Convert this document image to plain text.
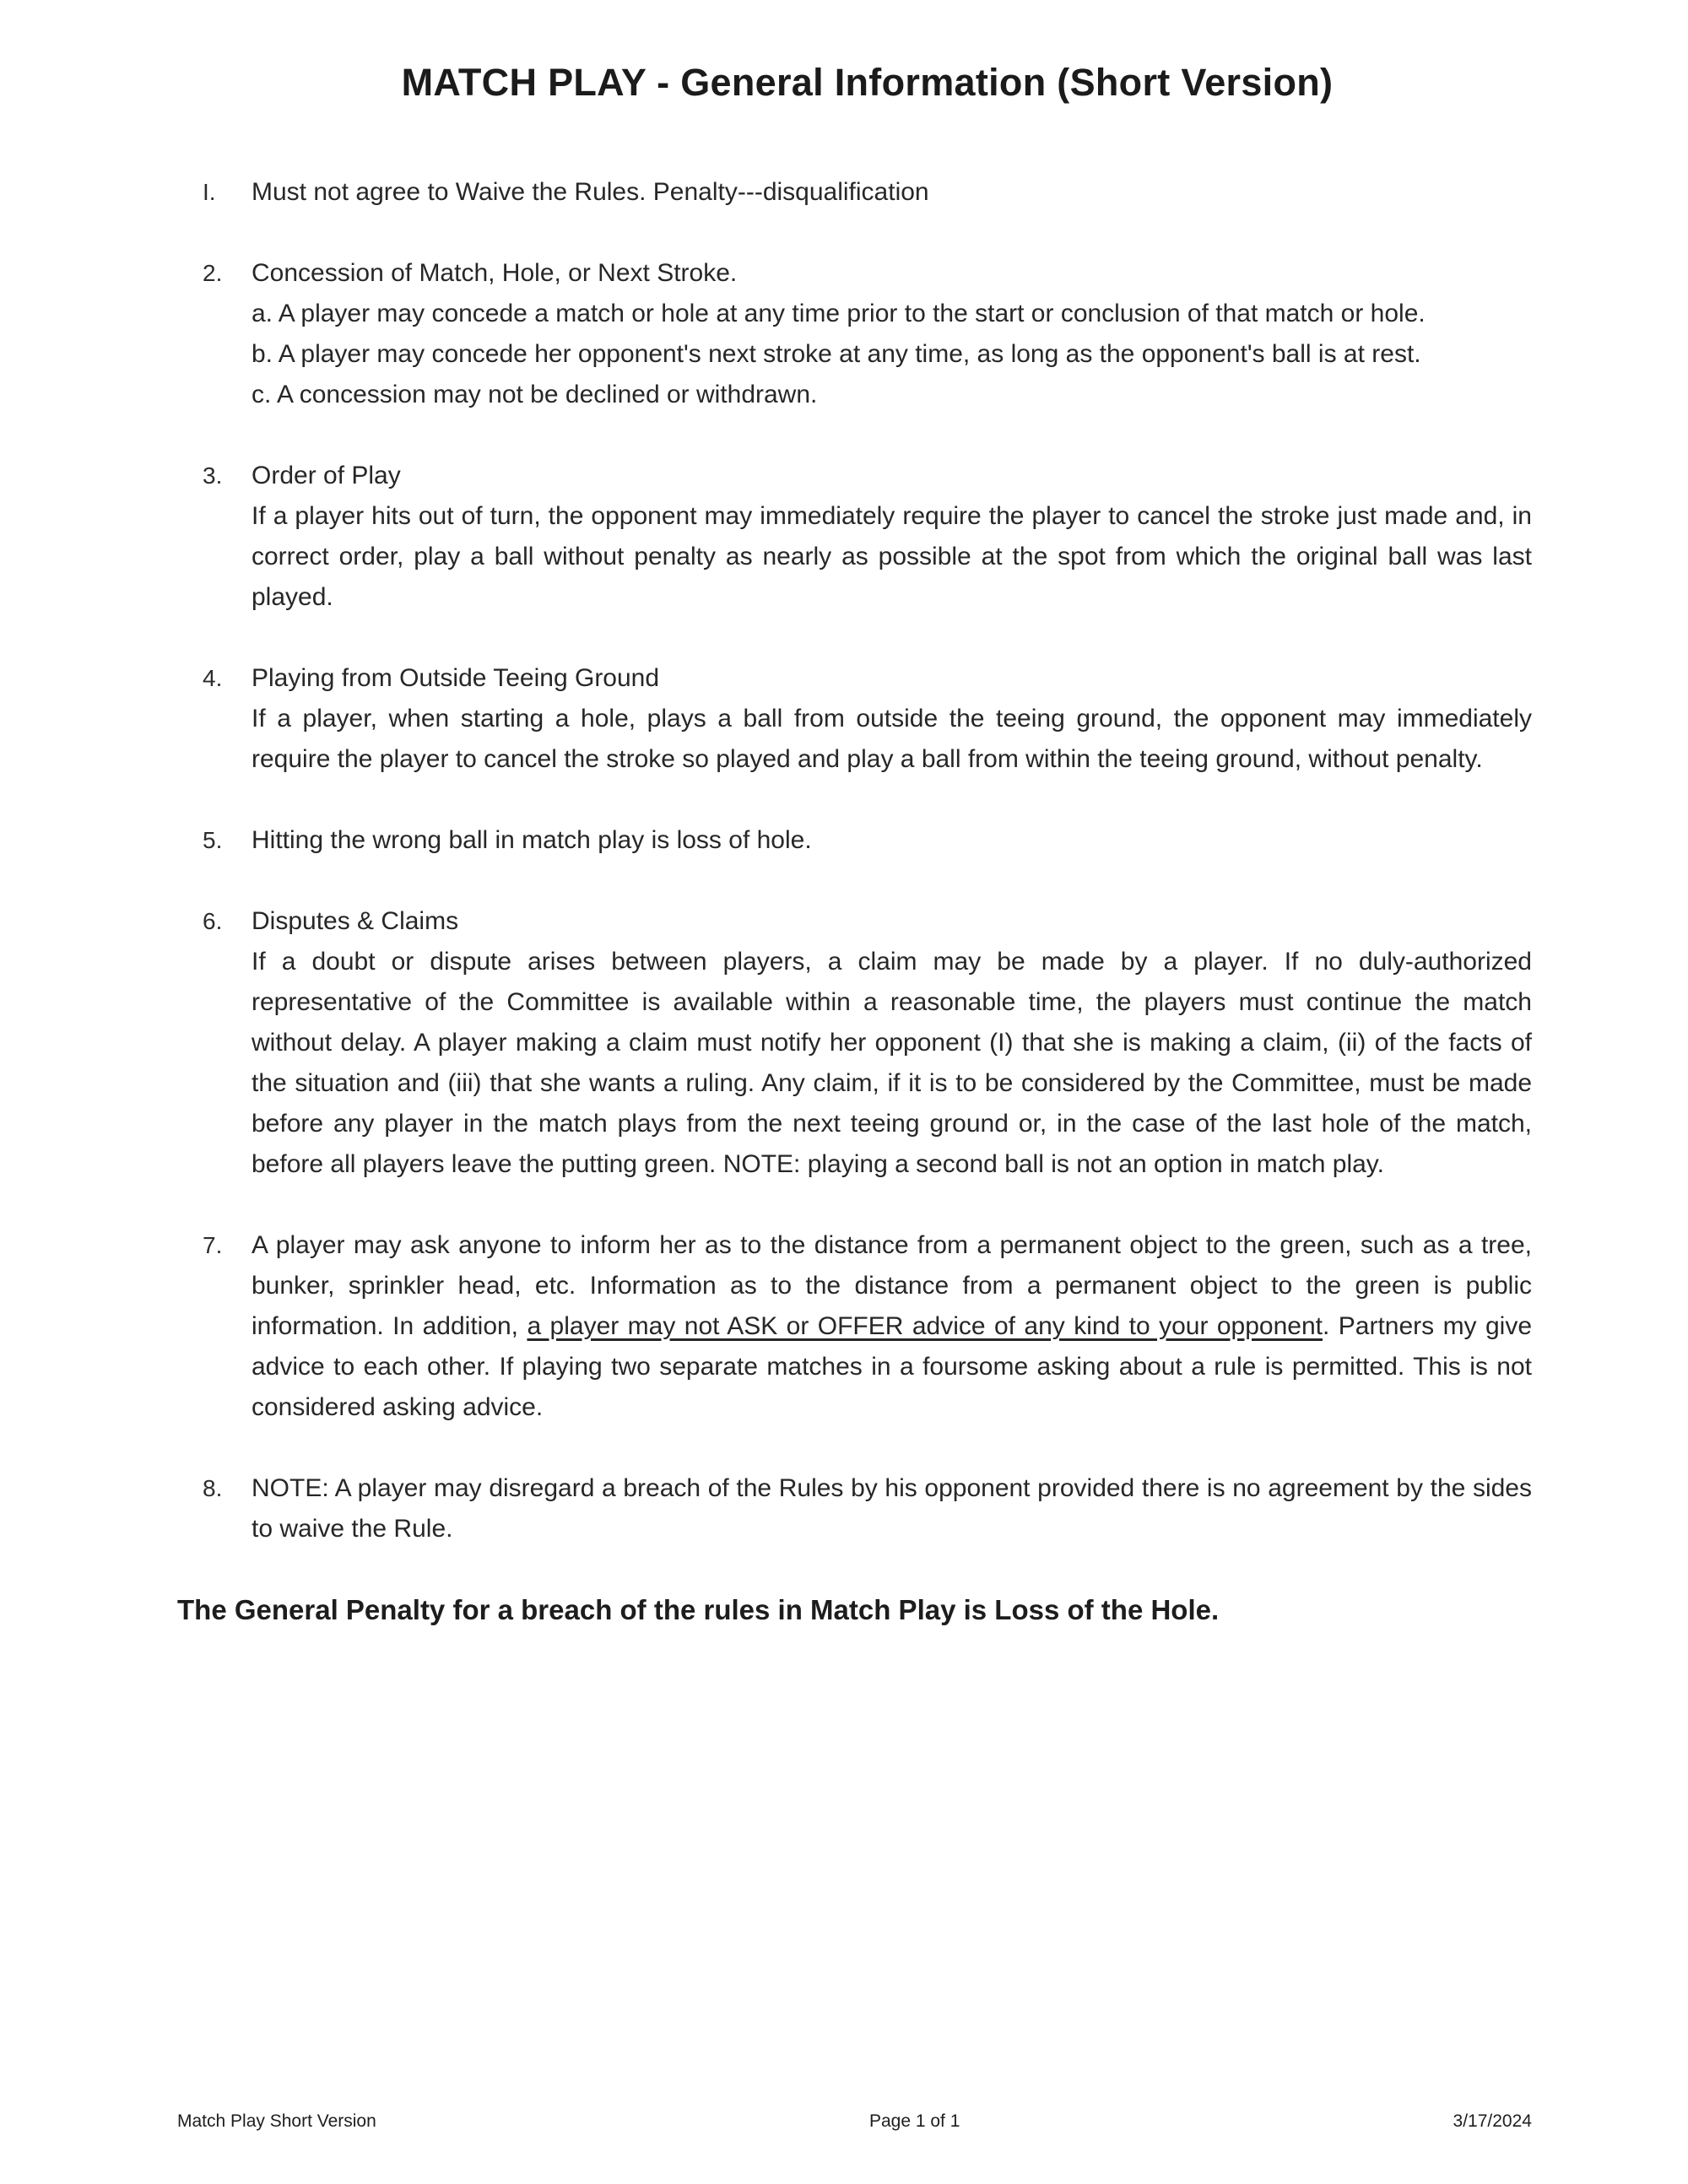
MATCH PLAY - General Information (Short Version)
I.	Must not agree to Waive the Rules. Penalty---disqualification

2.	Concession of Match, Hole, or Next Stroke.

a. A player may concede a match or hole at any time prior to the start or conclusion of that match or hole.

b. A player may concede her opponent's next stroke at any time, as long as the opponent's ball is at rest.

c. A concession may not be declined or withdrawn.

3.	Order of Play

If a player hits out of turn, the opponent may immediately require the player to cancel the stroke just made and, in correct order, play a ball without penalty as nearly as possible at the spot from which the original ball was last played.

4.	Playing from Outside Teeing Ground

If a player, when starting a hole, plays a ball from outside the teeing ground, the opponent may immediately require the player to cancel the stroke so played and play a ball from within the teeing ground, without penalty.

5.	Hitting the wrong ball in match play is loss of hole.

6.	Disputes & Claims

If a doubt or dispute arises between players, a claim may be made by a player. If no duly-authorized representative of the Committee is available within a reasonable time, the players must continue the match without delay. A player making a claim must notify her opponent (I) that she is making a claim, (ii) of the facts of the situation and (iii) that she wants a ruling. Any claim, if it is to be considered by the Committee, must be made before any player in the match plays from the next teeing ground or, in the case of the last hole of the match, before all players leave the putting green. NOTE: playing a second ball is not an option in match play.

7.	A player may ask anyone to inform her as to the distance from a permanent object to the green, such as a tree, bunker, sprinkler head, etc. Information as to the distance from a permanent object to the green is public information. In addition, a player may not ASK or OFFER advice of any kind to your opponent. Partners my give advice to each other. If playing two separate matches in a foursome asking about a rule is permitted. This is not considered asking advice.

8.	NOTE: A player may disregard a breach of the Rules by his opponent provided there is no agreement by the sides to waive the Rule.

The General Penalty for a breach of the rules in Match Play is Loss of the Hole.

Match Play Short Version	Page 1 of 1	3/17/2024
